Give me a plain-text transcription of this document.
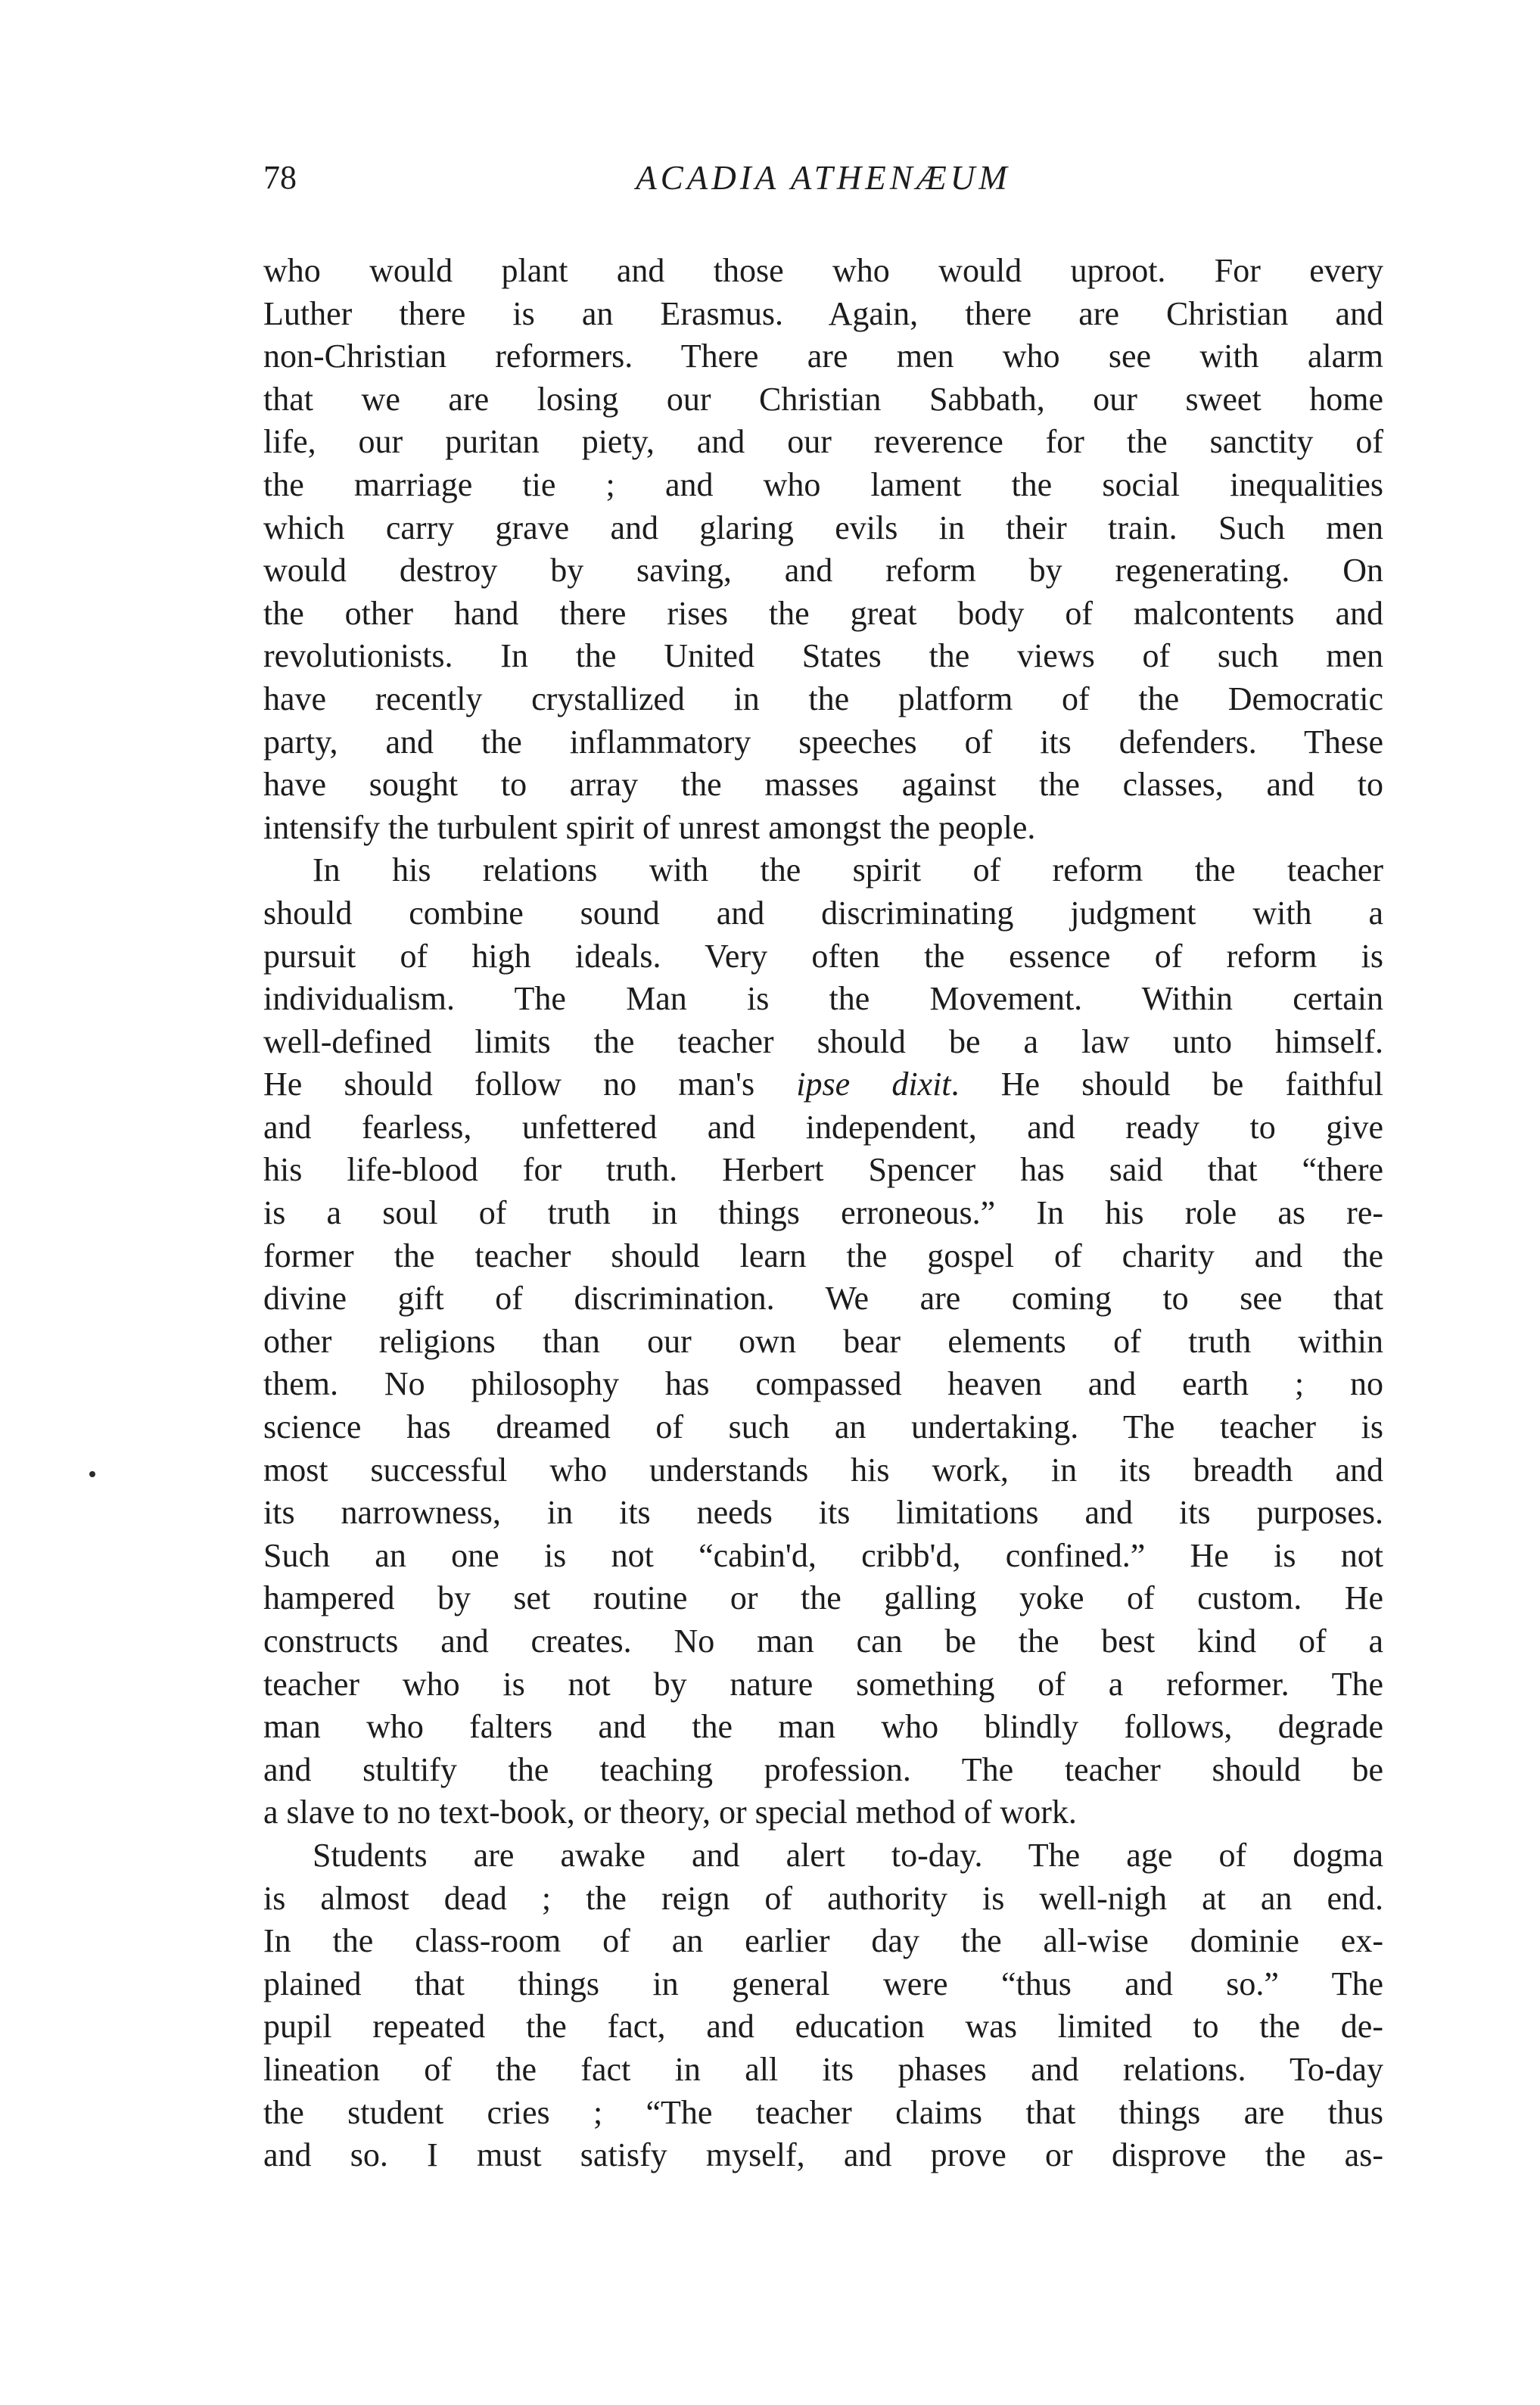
78	ACADIA ATHENÆUM
who would plant and those who would uproot. For every
Luther there is an Erasmus. Again, there are Christian and
non-Christian reformers. There are men who see with alarm
that we are losing our Christian Sabbath, our sweet home
life, our puritan piety, and our reverence for the sanctity of
the marriage tie ; and who lament the social inequalities
which carry grave and glaring evils in their train. Such men
would destroy by saving, and reform by regenerating. On
the other hand there rises the great body of malcontents and
revolutionists. In the United States the views of such men
have recently crystallized in the platform of the Democratic
party, and the inflammatory speeches of its defenders. These
have sought to array the masses against the classes, and to
intensify the turbulent spirit of unrest amongst the people.
In his relations with the spirit of reform the teacher
should combine sound and discriminating judgment with a
pursuit of high ideals. Very often the essence of reform is
individualism. The Man is the Movement. Within certain
well-defined limits the teacher should be a law unto himself.
He should follow no man's ipse dixit. He should be faithful
and fearless, unfettered and independent, and ready to give
his life-blood for truth. Herbert Spencer has said that “there
is a soul of truth in things erroneous.” In his role as re-
former the teacher should learn the gospel of charity and the
divine gift of discrimination. We are coming to see that
other religions than our own bear elements of truth within
them. No philosophy has compassed heaven and earth ; no
science has dreamed of such an undertaking. The teacher is
most successful who understands his work, in its breadth and
its narrowness, in its needs its limitations and its purposes.
Such an one is not “cabin'd, cribb'd, confined.” He is not
hampered by set routine or the galling yoke of custom. He
constructs and creates. No man can be the best kind of a
teacher who is not by nature something of a reformer. The
man who falters and the man who blindly follows, degrade
and stultify the teaching profession. The teacher should be
a slave to no text-book, or theory, or special method of work.
Students are awake and alert to-day. The age of dogma
is almost dead ; the reign of authority is well-nigh at an end.
In the class-room of an earlier day the all-wise dominie ex-
plained that things in general were “thus and so.” The
pupil repeated the fact, and education was limited to the de-
lineation of the fact in all its phases and relations. To-day
the student cries ; “The teacher claims that things are thus
and so. I must satisfy myself, and prove or disprove the as-
